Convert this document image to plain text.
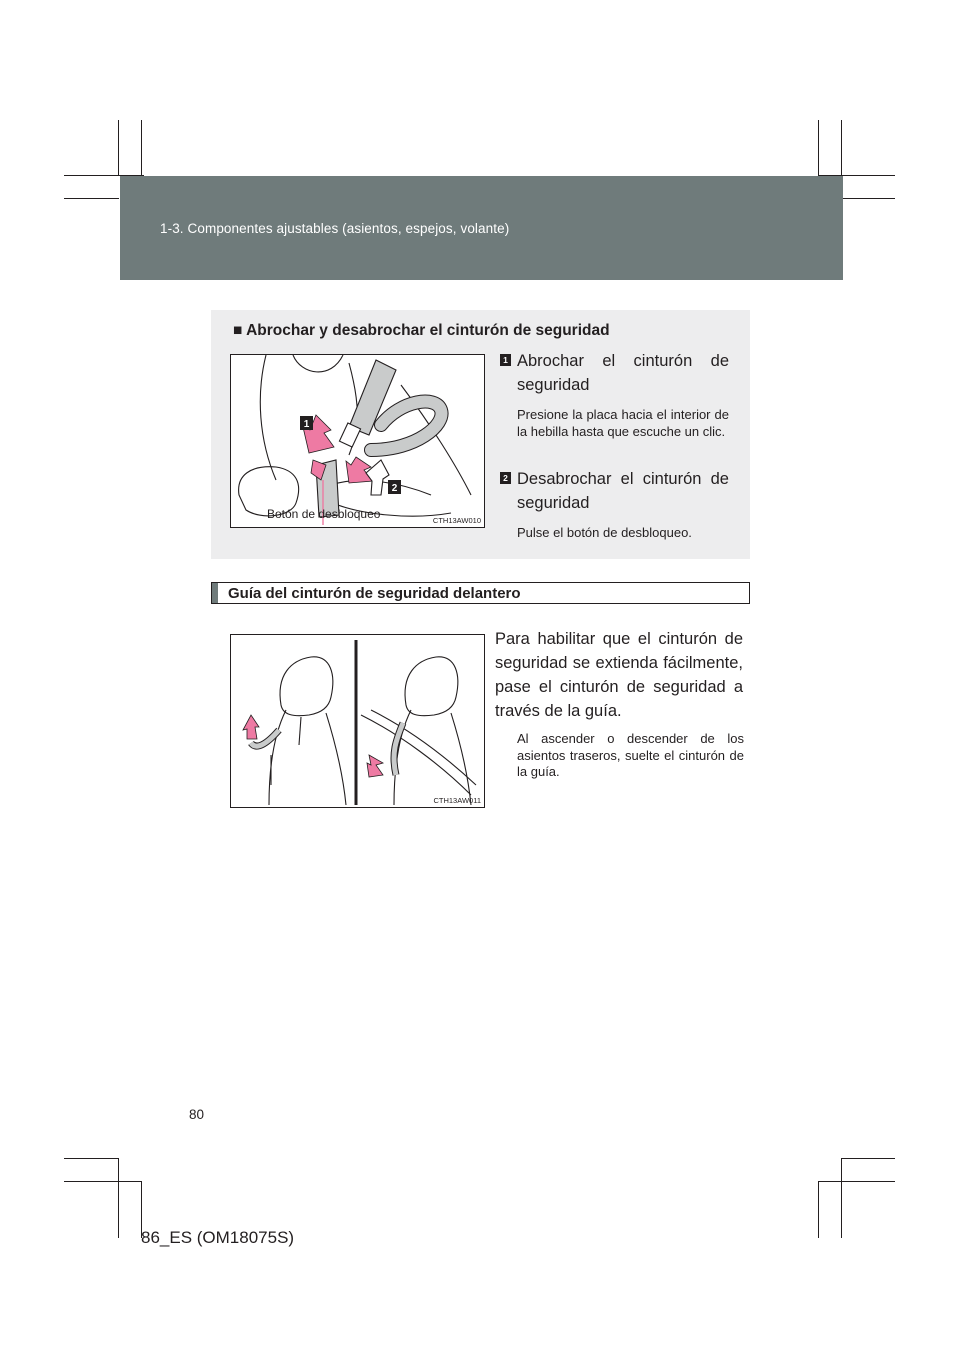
1-3. Componentes ajustables (asientos, espejos, volante)
■ Abrochar y desabrochar el cinturón de seguridad
1
2
Botón de desbloqueo	CTH13AW010
1 Abrochar el cinturón de seguridad
Presione la placa hacia el interior de la hebilla hasta que escuche un clic.
2 Desabrochar el cinturón de seguridad
Pulse el botón de desbloqueo.
Guía del cinturón de seguridad delantero
CTH13AW011
Para habilitar que el cinturón de seguridad se extienda fácilmente, pase el cinturón de seguridad a través de la guía.
Al ascender o descender de los asientos traseros, suelte el cinturón de la guía.
80
86_ES (OM18075S)
